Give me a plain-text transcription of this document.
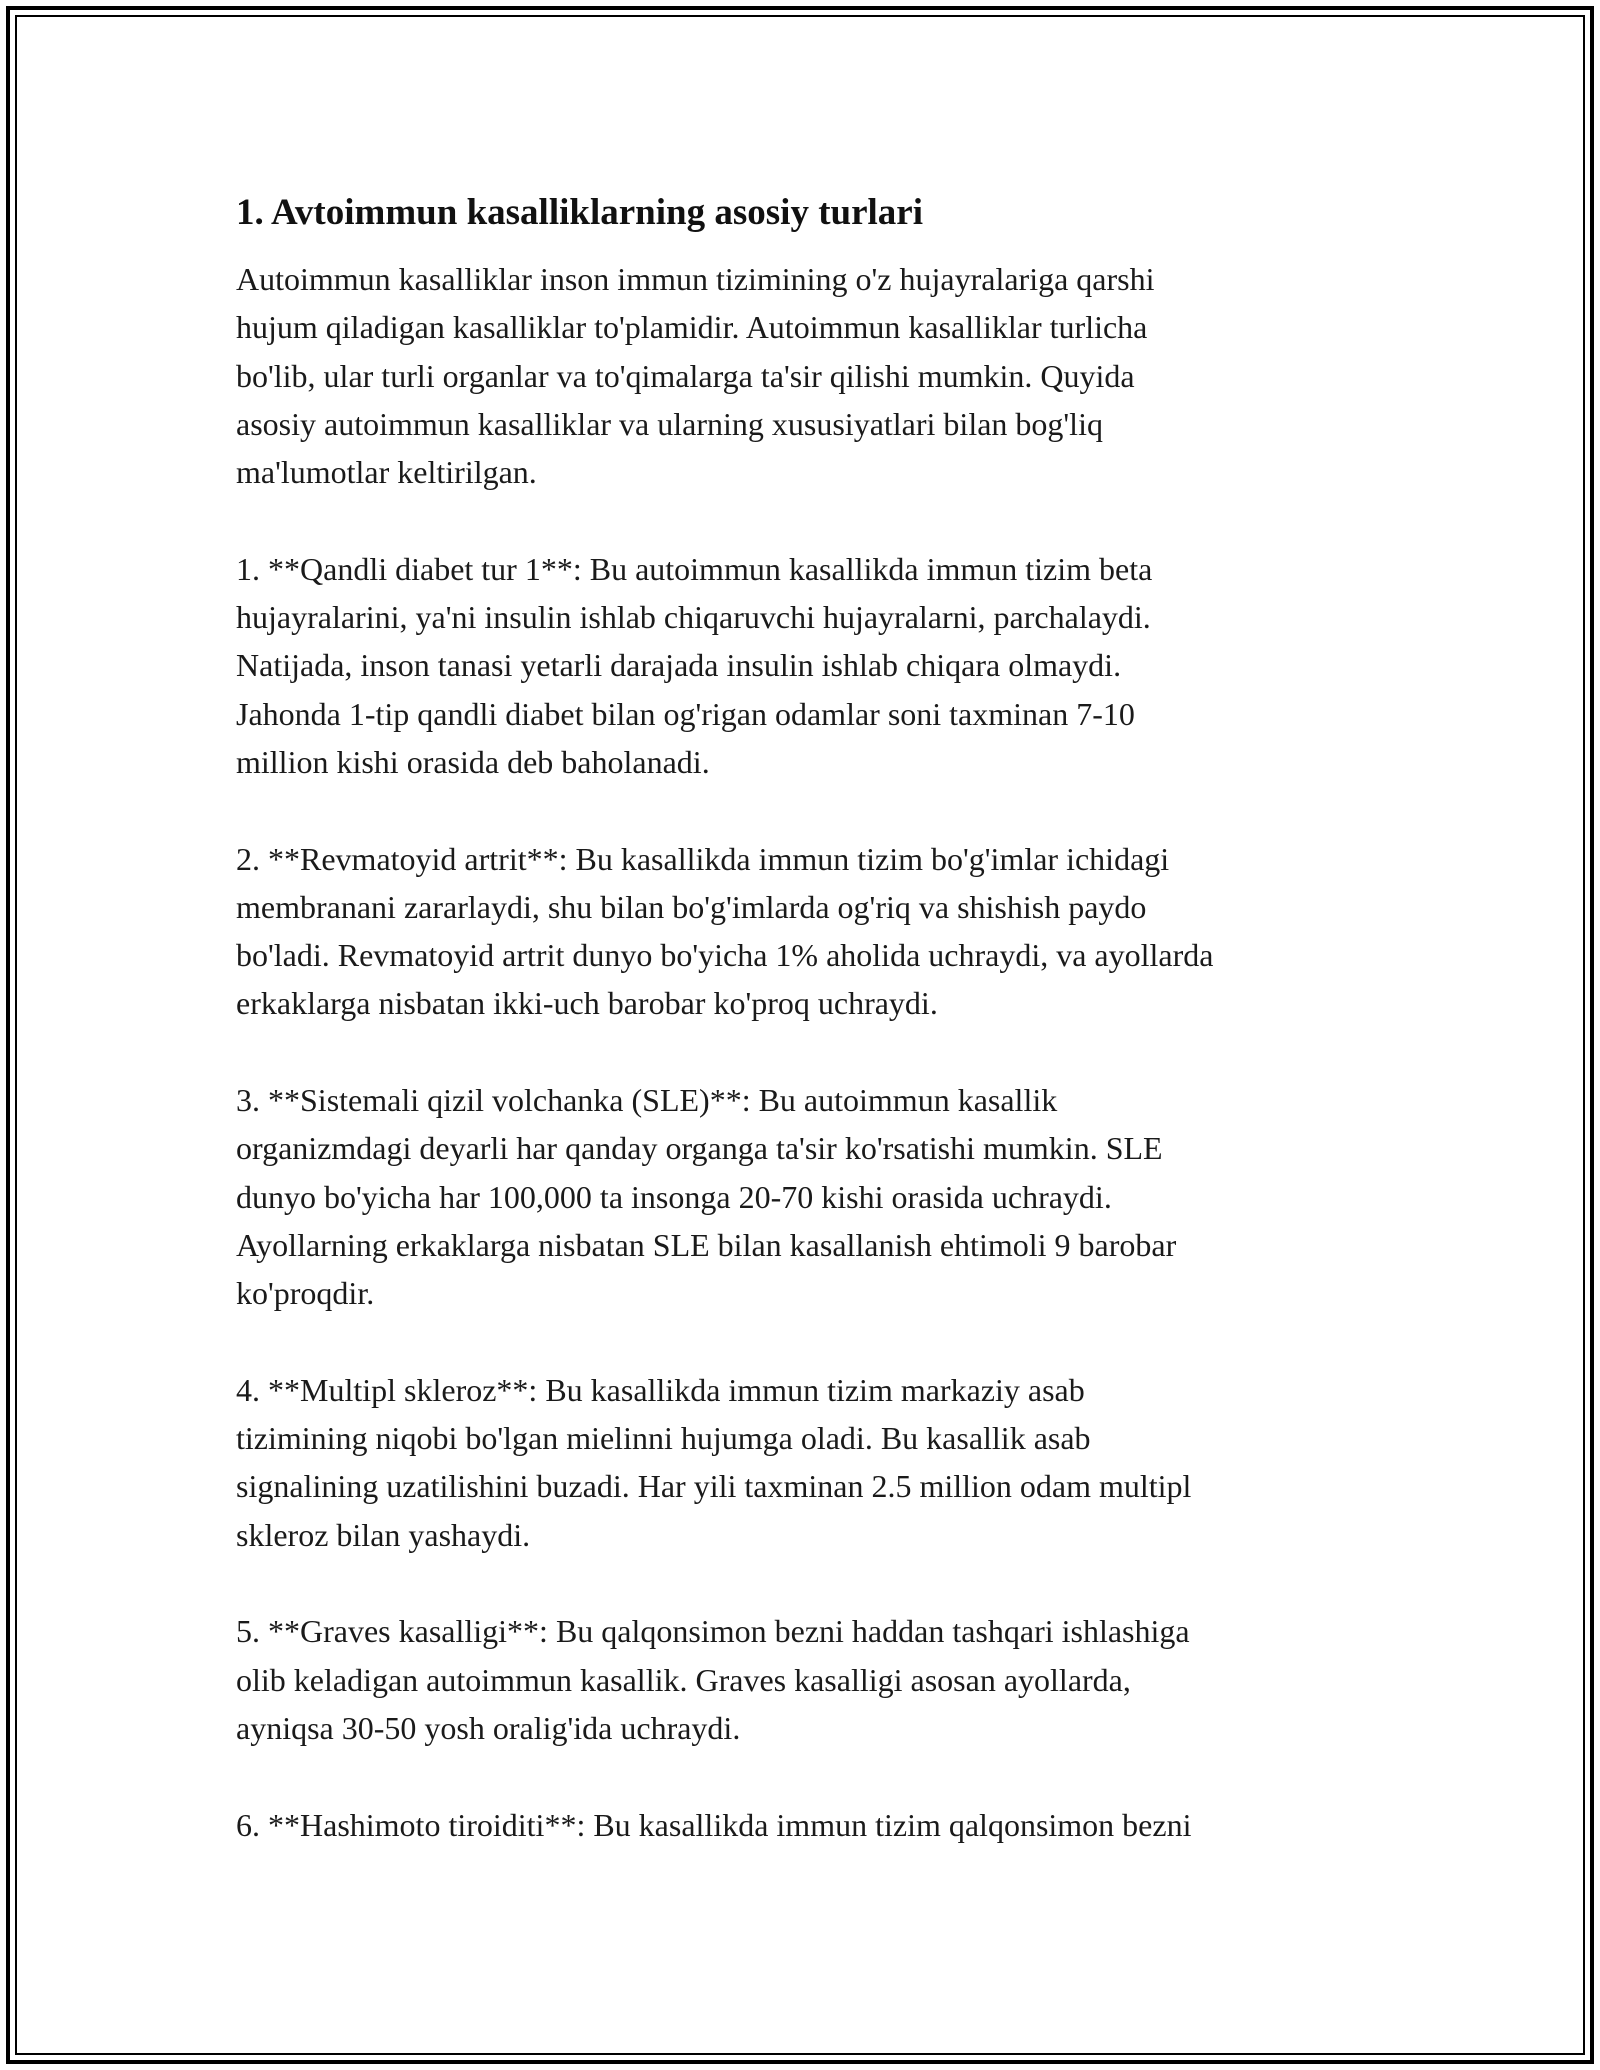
1. Avtoimmun kasalliklarning asosiy turlari

Autoimmun kasalliklar inson immun tizimining o'z hujayralariga qarshi
hujum qiladigan kasalliklar to'plamidir. Autoimmun kasalliklar turlicha
bo'lib, ular turli organlar va to'qimalarga ta'sir qilishi mumkin. Quyida
asosiy autoimmun kasalliklar va ularning xususiyatlari bilan bog'liq
ma'lumotlar keltirilgan.

1. **Qandli diabet tur 1**: Bu autoimmun kasallikda immun tizim beta
hujayralarini, ya'ni insulin ishlab chiqaruvchi hujayralarni, parchalaydi.
Natijada, inson tanasi yetarli darajada insulin ishlab chiqara olmaydi.
Jahonda 1-tip qandli diabet bilan og'rigan odamlar soni taxminan 7-10
million kishi orasida deb baholanadi.

2. **Revmatoyid artrit**: Bu kasallikda immun tizim bo'g'imlar ichidagi
membranani zararlaydi, shu bilan bo'g'imlarda og'riq va shishish paydo
bo'ladi. Revmatoyid artrit dunyo bo'yicha 1% aholida uchraydi, va ayollarda
erkaklarga nisbatan ikki-uch barobar ko'proq uchraydi.

3. **Sistemali qizil volchanka (SLE)**: Bu autoimmun kasallik
organizmdagi deyarli har qanday organga ta'sir ko'rsatishi mumkin. SLE
dunyo bo'yicha har 100,000 ta insonga 20-70 kishi orasida uchraydi.
Ayollarning erkaklarga nisbatan SLE bilan kasallanish ehtimoli 9 barobar
ko'proqdir.

4. **Multipl skleroz**: Bu kasallikda immun tizim markaziy asab
tizimining niqobi bo'lgan mielinni hujumga oladi. Bu kasallik asab
signalining uzatilishini buzadi. Har yili taxminan 2.5 million odam multipl
skleroz bilan yashaydi.

5. **Graves kasalligi**: Bu qalqonsimon bezni haddan tashqari ishlashiga
olib keladigan autoimmun kasallik. Graves kasalligi asosan ayollarda,
ayniqsa 30-50 yosh oralig'ida uchraydi.

6. **Hashimoto tiroiditi**: Bu kasallikda immun tizim qalqonsimon bezni
